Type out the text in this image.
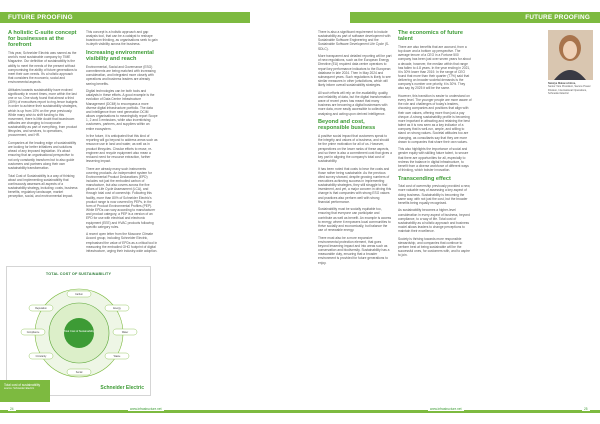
FUTURE PROOFING
A holistic C-suite concept for businesses at the forefront

This year, Schneider Electric was named as the world's most sustainable company by TIME Magazine. Our definition of sustainability is the ability to meet the needs of the present without compromising the ability of future generations to meet their own needs. It's a holistic approach that considers the economic, social and environmental aspects.

Attitudes towards sustainability have evolved significantly in recent times, more within the last one or so. One study found that almost a third (30%) of executives report to ring-fence budgets in order to achieve their sustainability strategies, which is up from 10% on the year previously. While many wish to shift funding to this movement, there is little doubt that boardroom attitudes are changing to incorporate sustainability as part of everything, from product lifecycles, and services, to operations, procurement, and HR.

Companies at the leading edge of sustainability are looking for better initiatives and solutions ahead of any imposed legislation. It's about ensuring that an organisational perspective to not only constantly transform but to also guide customers and partners along their own sustainability transformation.

Total Cost of Sustainability is a way of thinking about and implementing sustainability that continuously assesses all aspects of a sustainability strategy, including: costs, business benefits, regulatory landscape, market perception, social, and environmental impact.

This concept is a holistic approach and gap analysis tool, that can be a catalyst to reshape boardroom thinking, as organisations seek to gain in-depth visibility across the business.

Increasing environmental visibility and reach

Environmental, Social and Governance (ESG) commitments are being matched with increasing consideration, and integrated more closely with operations and business leaders are already seeing benefits.

Digital technologies can be both tools and catalysts in these efforts. A good example is the evolution of Data Centre Infrastructure Management (DCIM) to encompass a more diverse digital infrastructure portfolio. The data and intelligence from next generation DCIM allows organisations to meaningfully report Scope 1, 2 and 3 emissions, while also incentivising customers, partners, and suppliers within an entire ecosystem.

In the future, it is anticipated that this kind of reporting will go beyond to address areas such as resource use in land and water, as well as in product lifecycles. Circular efforts to reuse, re-engineer and recycle equipment also mean a reduced need for resource extraction, further lessening impact.

There are already many such instruments covering products. An independent system for Environmental Product Declarations (EPD) includes not just the embodied carbon of manufacture, but also covers across the five pillars of Life Cycle Assessment (LCA), and through total cost of ownership. Following this facility, more than 80% of Schneider Electric's product range is now covered by PEPs, in the form of Product Environmental Profiles (PEP). While EPDs can vary according to manufacturer and product category, a PEP is a version of an EPD for use with electrical and electronic equipment (EEE) and HVAC products following specific category rules.

A recent open letter from the Moscone Climate Accord group, including Schneider Electric, emphasised the value of EPDs as a critical tool in measuring the embodied GHG footprint of digital infrastructure, urging their industry-wide adoption.

TOTAL COST OF SUSTAINABILITY
Total Cost of Sustainability
Carbon
Energy
Water
Waste
Social
Circularity
Compliance
Reputation
Schneider Electric
Total cost of sustainability
source: Schneider Electric
24	www.infrastructure.net
FUTURE PROOFING

There is also a significant requirement to include sustainability as part of software development with Sustainable Software Engineering and the Sustainable Software Development Life Cycle (S-SDLC).

More transparent and detailed reporting will be part of new regulations, such as the European Energy Directive (EU) required data centre operators to report key performance indicators to the European database in late 2024. Then in May 2024 and subsequent years. Such regulations is likely to see similar measures in other jurisdictions, which will likely inform overall sustainability strategies.

All such efforts will rely on the availability, quality, and reliability of data, but the digital transformation wave of recent years has meant that many business are becoming a digital businesses with more data, more easily accessible to collecting, analysing and acting upon derived intelligence.

Beyond and cost, responsible business

A positive social impact that customers speak to the integrity and values of a business, and should be the prime motivation for all of us. However, perspectives on the lower ranks of these aspects, and so there is also a commitment cost that gives a key part in aligning the company's total cost of sustainability.

It has been noted that costs to bear the costs and those rather being sustainable. As the previous cited survey showed, despite growing numbers of executives achieving success in implementing sustainability strategies, they still struggle to find investment, and yet, a major concern in driving this change is that companies with strong ESG values and practices also perform well with strong financial performance.

Sustainability must be socially equitable too, ensuring that everyone can participate and contribute as well as benefit. An example is access to energy, where it empowers local communities to thrive socially and economically, but balance the use of renewable energy.

There must also be a more expansive environmental protection element, that goes beyond lessening impact and into areas such as conservation and biodiversity. Sustainability has a measurable duty, ensuring that a broader environment is provided for future generations to enjoy.

The economics of future talent

There are also benefits that are accrued, from a top down and a bottom up perspective. The average tenure of a CEO in a Fortune 500 company has been just over seven years for about a decade, however, the median within that range has fallen to 4.8 years. In the year ending in 2021, it is 30% lower than 2019. In the range of CEO found that more than their quarter (77%) said that delivering on broader societal demands is the company's number one priority, it is 30%. They also say by 2025 it will be the same.

However, this transition is easier to understand on every level. The younger people are more aware of the role and challenges of today's leaders, choosing companies and positions that align with their own values, offering more than just a pay cheque. A strong sustainability profile is becoming more important in attracting and retaining the best talent as it is now seen as a key indicator of a company that is well-run, ample, and willing to stand on strong values. Societal attitudes too are changing, as consultants say that they are more drawn to companies that share their own values.

This also highlights the importance of social and gender equity with skilling future talent, to secure that there are opportunities for all, especially to redress the balance in digital infrastructure, to benefit from a diverse workforce of different ways of thinking, which bolster innovation.

Transcending effect

Total cost of ownership previously provided a new, more valuable way of assessing a key aspect of doing business. Sustainability is becoming the same way, with not just the cost, but the broader benefits being equally recognised.

As sustainability becomes a higher-level consideration in every aspect of business, beyond compliance, to a way of life. Total cost of sustainability as a holistic approach and business model allows leaders to change perceptions to maintain their excellence.

Society is thriving towards more responsible stewardship, and companies that continue to perform best at being sustainable will be the successful ones, for customers with, and to aspire to join.

Natalya Makarochkina,
Senior Vice President, Secure Power Division, International Operations, Schneider Electric
www.infrastructure.net	25
